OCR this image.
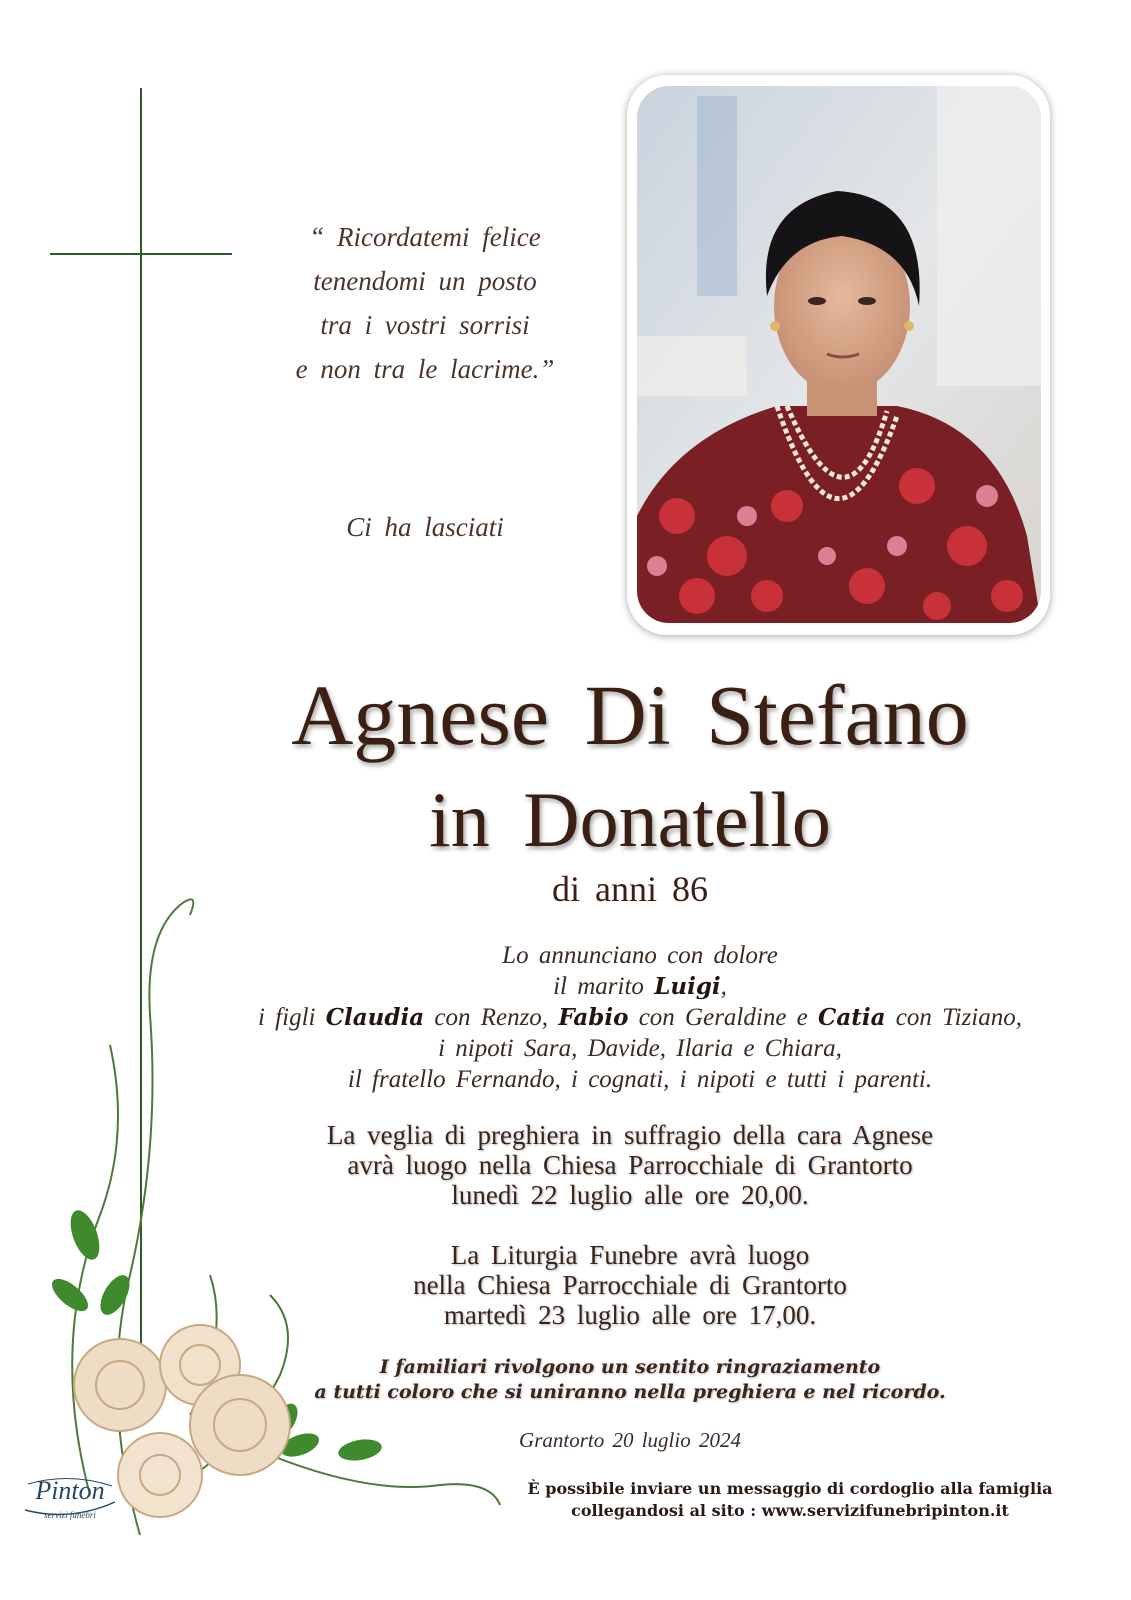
“ Ricordatemi felice
tenendomi un posto
tra i vostri sorrisi
e non tra le lacrime.”
Ci ha lasciati
Agnese Di Stefano
in Donatello
di anni 86
Lo annunciano con dolore
il marito Luigi,
i figli Claudia con Renzo, Fabio con Geraldine e Catia con Tiziano,
i nipoti Sara, Davide, Ilaria e Chiara,
il fratello Fernando, i cognati, i nipoti e tutti i parenti.
La veglia di preghiera in suffragio della cara Agnese
avrà luogo nella Chiesa Parrocchiale di Grantorto
lunedì 22 luglio alle ore 20,00.
La Liturgia Funebre avrà luogo
nella Chiesa Parrocchiale di Grantorto
martedì 23 luglio alle ore 17,00.
I familiari rivolgono un sentito ringraziamento
a tutti coloro che si uniranno nella preghiera e nel ricordo.
Grantorto 20 luglio 2024
È possibile inviare un messaggio di cordoglio alla famiglia
collegandosi al sito : www.servizifunebripinton.it
Pinton
servizi funebri
